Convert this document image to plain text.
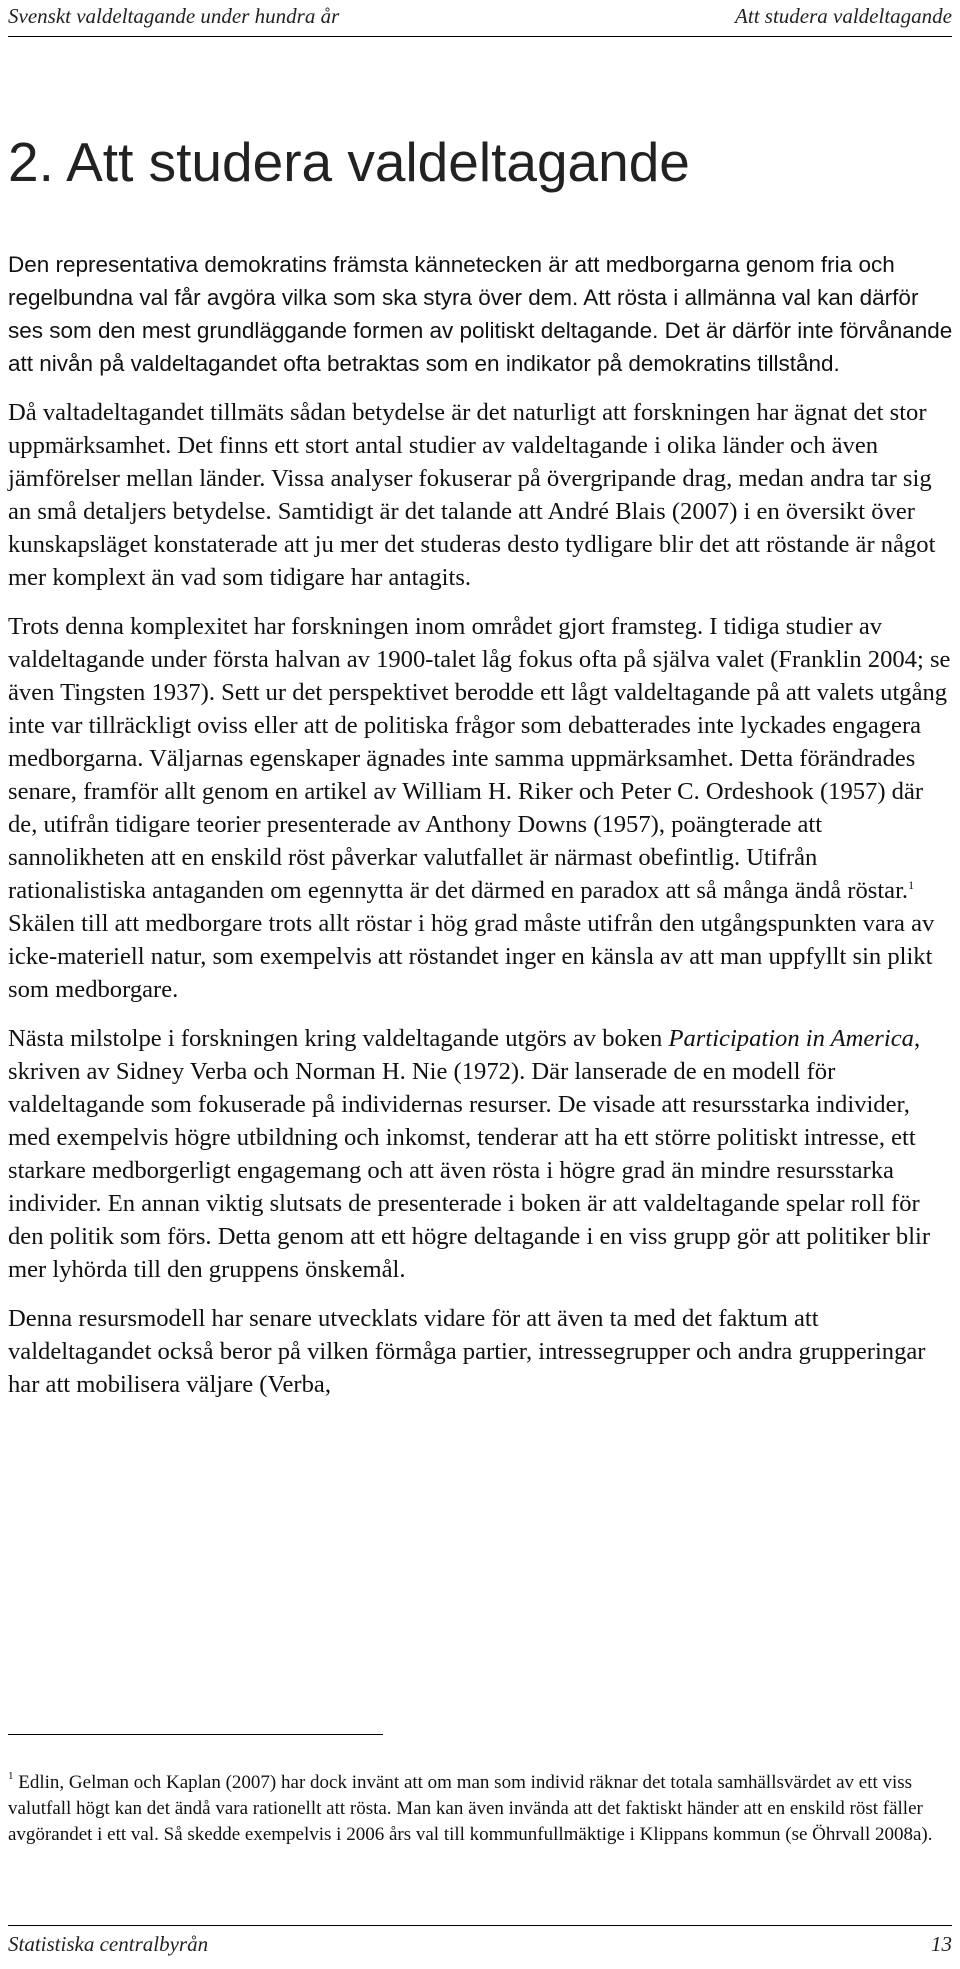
Svenskt valdeltagande under hundra år	Att studera valdeltagande
2. Att studera valdeltagande

Den representativa demokratins främsta kännetecken är att medborgarna genom fria och regelbundna val får avgöra vilka som ska styra över dem. Att rösta i allmänna val kan därför ses som den mest grundläggande formen av politiskt deltagande. Det är därför inte förvånande att nivån på valdeltagandet ofta betraktas som en indikator på demokratins tillstånd.

Då valtadeltagandet tillmäts sådan betydelse är det naturligt att forskningen har ägnat det stor uppmärksamhet. Det finns ett stort antal studier av valdeltagande i olika länder och även jämförelser mellan länder. Vissa analyser fokuserar på övergripande drag, medan andra tar sig an små detaljers betydelse. Samtidigt är det talande att André Blais (2007) i en översikt över kunskapsläget konstaterade att ju mer det studeras desto tydligare blir det att röstande är något mer komplext än vad som tidigare har antagits.

Trots denna komplexitet har forskningen inom området gjort framsteg. I tidiga studier av valdeltagande under första halvan av 1900-talet låg fokus ofta på själva valet (Franklin 2004; se även Tingsten 1937). Sett ur det perspektivet berodde ett lågt valdeltagande på att valets utgång inte var tillräckligt oviss eller att de politiska frågor som debatterades inte lyckades engagera medborgarna. Väljarnas egenskaper ägnades inte samma uppmärksamhet. Detta förändrades senare, framför allt genom en artikel av William H. Riker och Peter C. Ordeshook (1957) där de, utifrån tidigare teorier presenterade av Anthony Downs (1957), poängterade att sannolikheten att en enskild röst påverkar valutfallet är närmast obefintlig. Utifrån rationalistiska antaganden om egennytta är det därmed en paradox att så många ändå röstar.$^1$ Skälen till att medborgare trots allt röstar i hög grad måste utifrån den utgångspunkten vara av icke-materiell natur, som exempelvis att röstandet inger en känsla av att man uppfyllt sin plikt som medborgare.

Nästa milstolpe i forskningen kring valdeltagande utgörs av boken Participation in America, skriven av Sidney Verba och Norman H. Nie (1972). Där lanserade de en modell för valdeltagande som fokuserade på individernas resurser. De visade att resursstarka individer, med exempelvis högre utbildning och inkomst, tenderar att ha ett större politiskt intresse, ett starkare medborgerligt engagemang och att även rösta i högre grad än mindre resursstarka individer. En annan viktig slutsats de presenterade i boken är att valdeltagande spelar roll för den politik som förs. Detta genom att ett högre deltagande i en viss grupp gör att politiker blir mer lyhörda till den gruppens önskemål.

Denna resursmodell har senare utvecklats vidare för att även ta med det faktum att valdeltagandet också beror på vilken förmåga partier, intressegrupper och andra grupperingar har att mobilisera väljare (Verba,

$^1$ Edlin, Gelman och Kaplan (2007) har dock invänt att om man som individ räknar det totala samhällsvärdet av ett viss valutfall högt kan det ändå vara rationellt att rösta. Man kan även invända att det faktiskt händer att en enskild röst fäller avgörandet i ett val. Så skedde exempelvis i 2006 års val till kommunfullmäktige i Klippans kommun (se Öhrvall 2008a).

Statistiska centralbyrån	13
